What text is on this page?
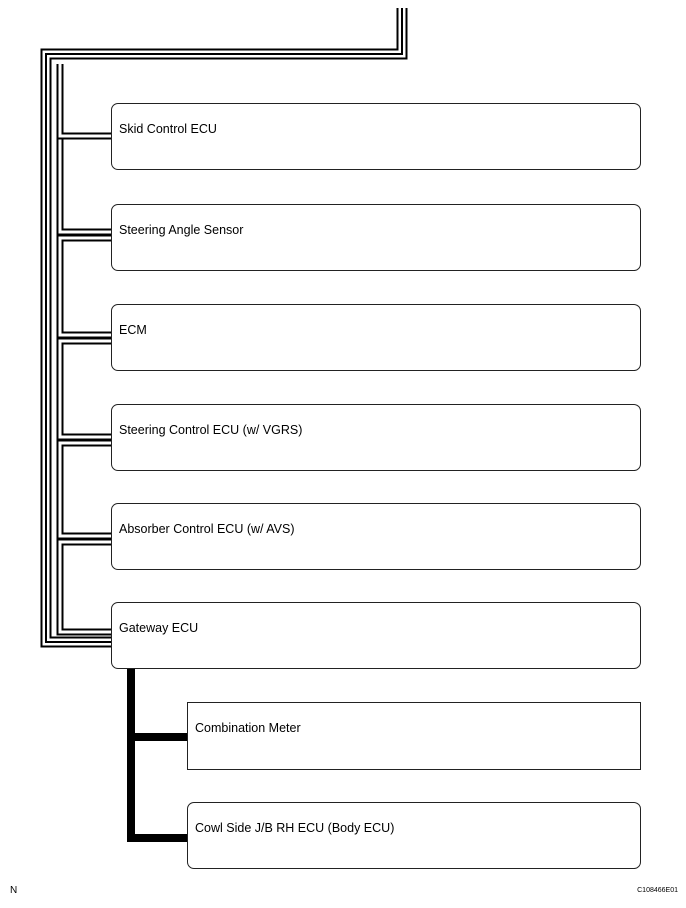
Skid Control ECU
Steering Angle Sensor
ECM
Steering Control ECU (w/ VGRS)
Absorber Control ECU (w/ AVS)
Gateway ECU
Combination Meter
Cowl Side J/B RH ECU (Body ECU)
N	C108466E01
